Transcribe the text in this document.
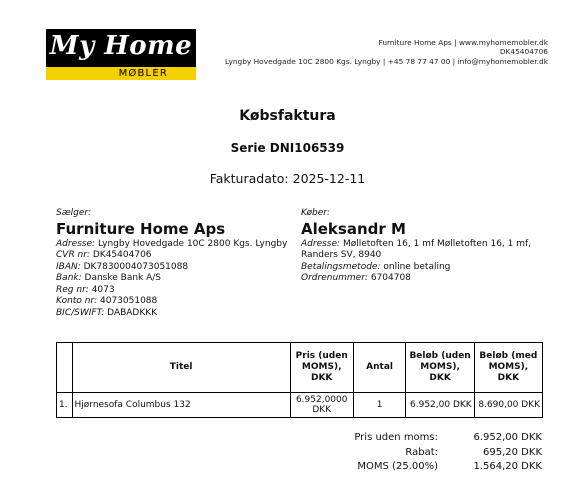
My Home
MØBLER
Furniture Home Aps | www.myhomemobler.dk
DK45404706
Lyngby Hovedgade 10C 2800 Kgs. Lyngby | +45 78 77 47 00 | info@myhomemobler.dk
Købsfaktura
Serie DNI106539
Fakturadato: 2025-12-11
Sælger:
Furniture Home Aps
Adresse: Lyngby Hovedgade 10C 2800 Kgs. Lyngby
CVR nr: DK45404706
IBAN: DK7830004073051088
Bank: Danske Bank A/S
Reg nr: 4073
Konto nr: 4073051088
BIC/SWIFT: DABADKKK
Køber:
Aleksandr M
Adresse: Mølletoften 16, 1 mf Mølletoften 16, 1 mf,
Randers SV, 8940
Betalingsmetode: online betaling
Ordrenummer: 6704708
	Titel	Pris (uden MOMS), DKK	Antal	Beløb (uden MOMS), DKK	Beløb (med MOMS), DKK
1.	Hjørnesofa Columbus 132	6.952,0000 DKK	1	6.952,00 DKK	8.690,00 DKK
Pris uden moms:	6.952,00 DKK
Rabat:	695,20 DKK
MOMS (25.00%)	1.564,20 DKK
